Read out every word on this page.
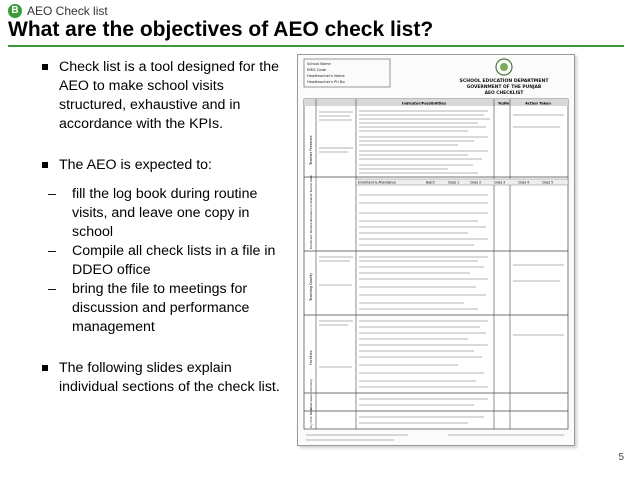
B AEO Check list
What are the objectives of AEO check list?
Check list is a tool designed for the AEO to make school visits structured, exhaustive and in accordance with the KPIs.
The AEO is expected to:
– fill the log book during routine visits, and leave one copy in school
– Compile all check lists in a file in DDEO office
– bring the file to meetings for discussion and performance management
The following slides explain individual sections of the check list.
School Name
EMIS Code
Headteacher's Name
Headteacher's Ph No	SCHOOL EDUCATION DEPARTMENT
GOVERNMENT OF THE PUNJAB
AEO CHECKLIST
Indicator/Possibilities	Yes No	Action Taken
Enrolment & Attendance	Batch	Class 1	Class 2	Class 3	Class 4	Class 5
Teacher Presence
Enrollment, Student Attendance & Student Teacher Ratio
Teaching Quality
Facilities
School Council / Community
Any Other Matter
5
